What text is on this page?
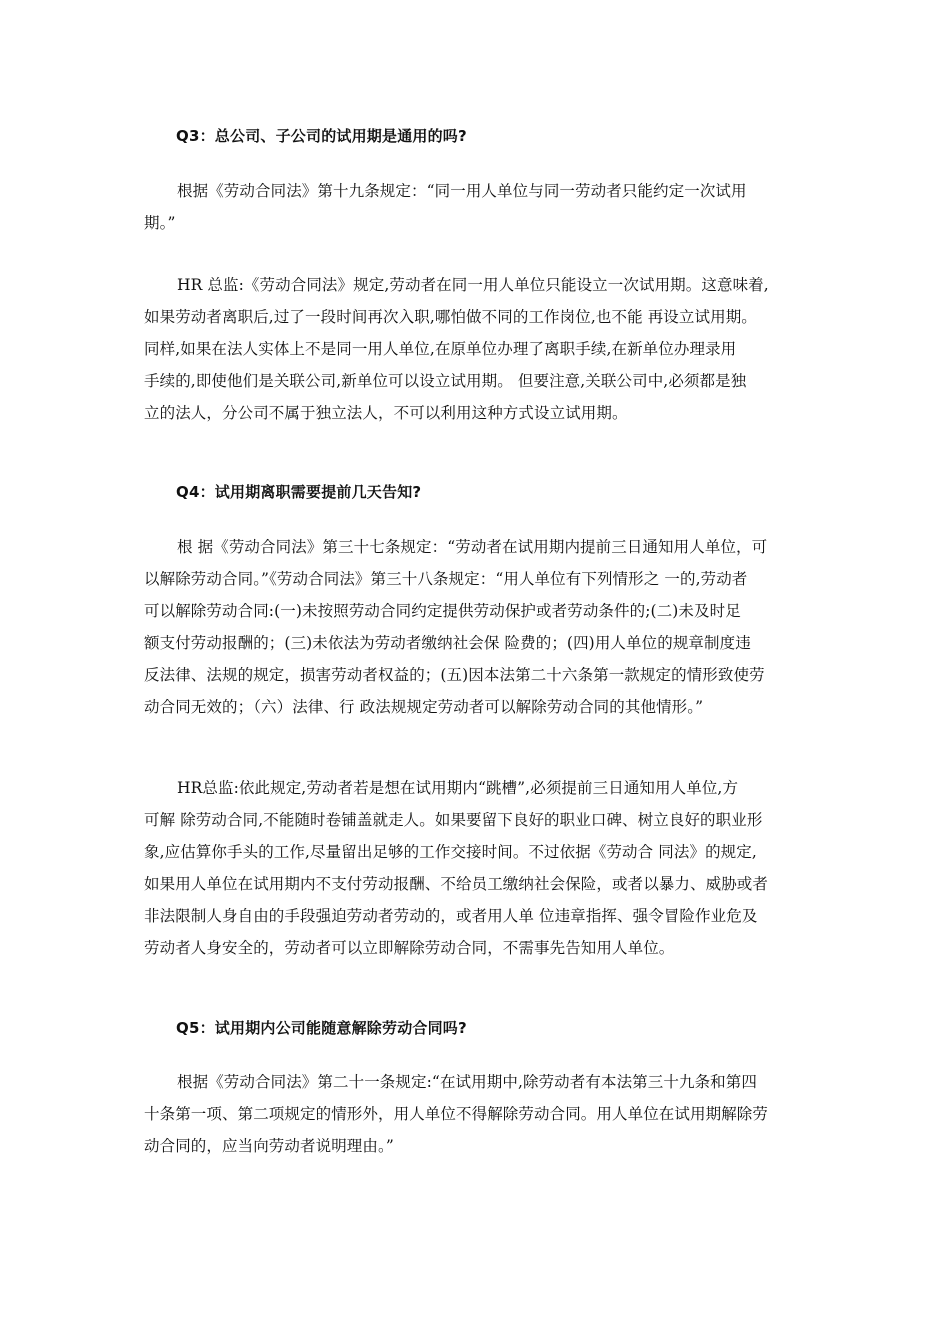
Q3：总公司、子公司的试用期是通用的吗?
根据《劳动合同法》第十九条规定：“同一用人单位与同一劳动者只能约定一次试用
期。”
HR 总监:《劳动合同法》规定,劳动者在同一用人单位只能设立一次试用期。这意味着,
如果劳动者离职后,过了一段时间再次入职,哪怕做不同的工作岗位,也不能 再设立试用期。
同样,如果在法人实体上不是同一用人单位,在原单位办理了离职手续,在新单位办理录用
手续的,即使他们是关联公司,新单位可以设立试用期。 但要注意,关联公司中,必须都是独
立的法人，分公司不属于独立法人，不可以利用这种方式设立试用期。
Q4：试用期离职需要提前几天告知?
根 据《劳动合同法》第三十七条规定：“劳动者在试用期内提前三日通知用人单位，可
以解除劳动合同。”《劳动合同法》第三十八条规定：“用人单位有下列情形之 一的,劳动者
可以解除劳动合同:(一)未按照劳动合同约定提供劳动保护或者劳动条件的;(二)未及时足
额支付劳动报酬的；(三)未依法为劳动者缴纳社会保 险费的；(四)用人单位的规章制度违
反法律、法规的规定，损害劳动者权益的；(五)因本法第二十六条第一款规定的情形致使劳
动合同无效的；（六）法律、行 政法规规定劳动者可以解除劳动合同的其他情形。”
HR总监:依此规定,劳动者若是想在试用期内“跳槽”,必须提前三日通知用人单位,方
可解 除劳动合同,不能随时卷铺盖就走人。如果要留下良好的职业口碑、树立良好的职业形
象,应估算你手头的工作,尽量留出足够的工作交接时间。不过依据《劳动合 同法》的规定,
如果用人单位在试用期内不支付劳动报酬、不给员工缴纳社会保险，或者以暴力、威胁或者
非法限制人身自由的手段强迫劳动者劳动的，或者用人单 位违章指挥、强令冒险作业危及
劳动者人身安全的，劳动者可以立即解除劳动合同，不需事先告知用人单位。
Q5：试用期内公司能随意解除劳动合同吗?
根据《劳动合同法》第二十一条规定:“在试用期中,除劳动者有本法第三十九条和第四
十条第一项、第二项规定的情形外，用人单位不得解除劳动合同。用人单位在试用期解除劳
动合同的，应当向劳动者说明理由。”
